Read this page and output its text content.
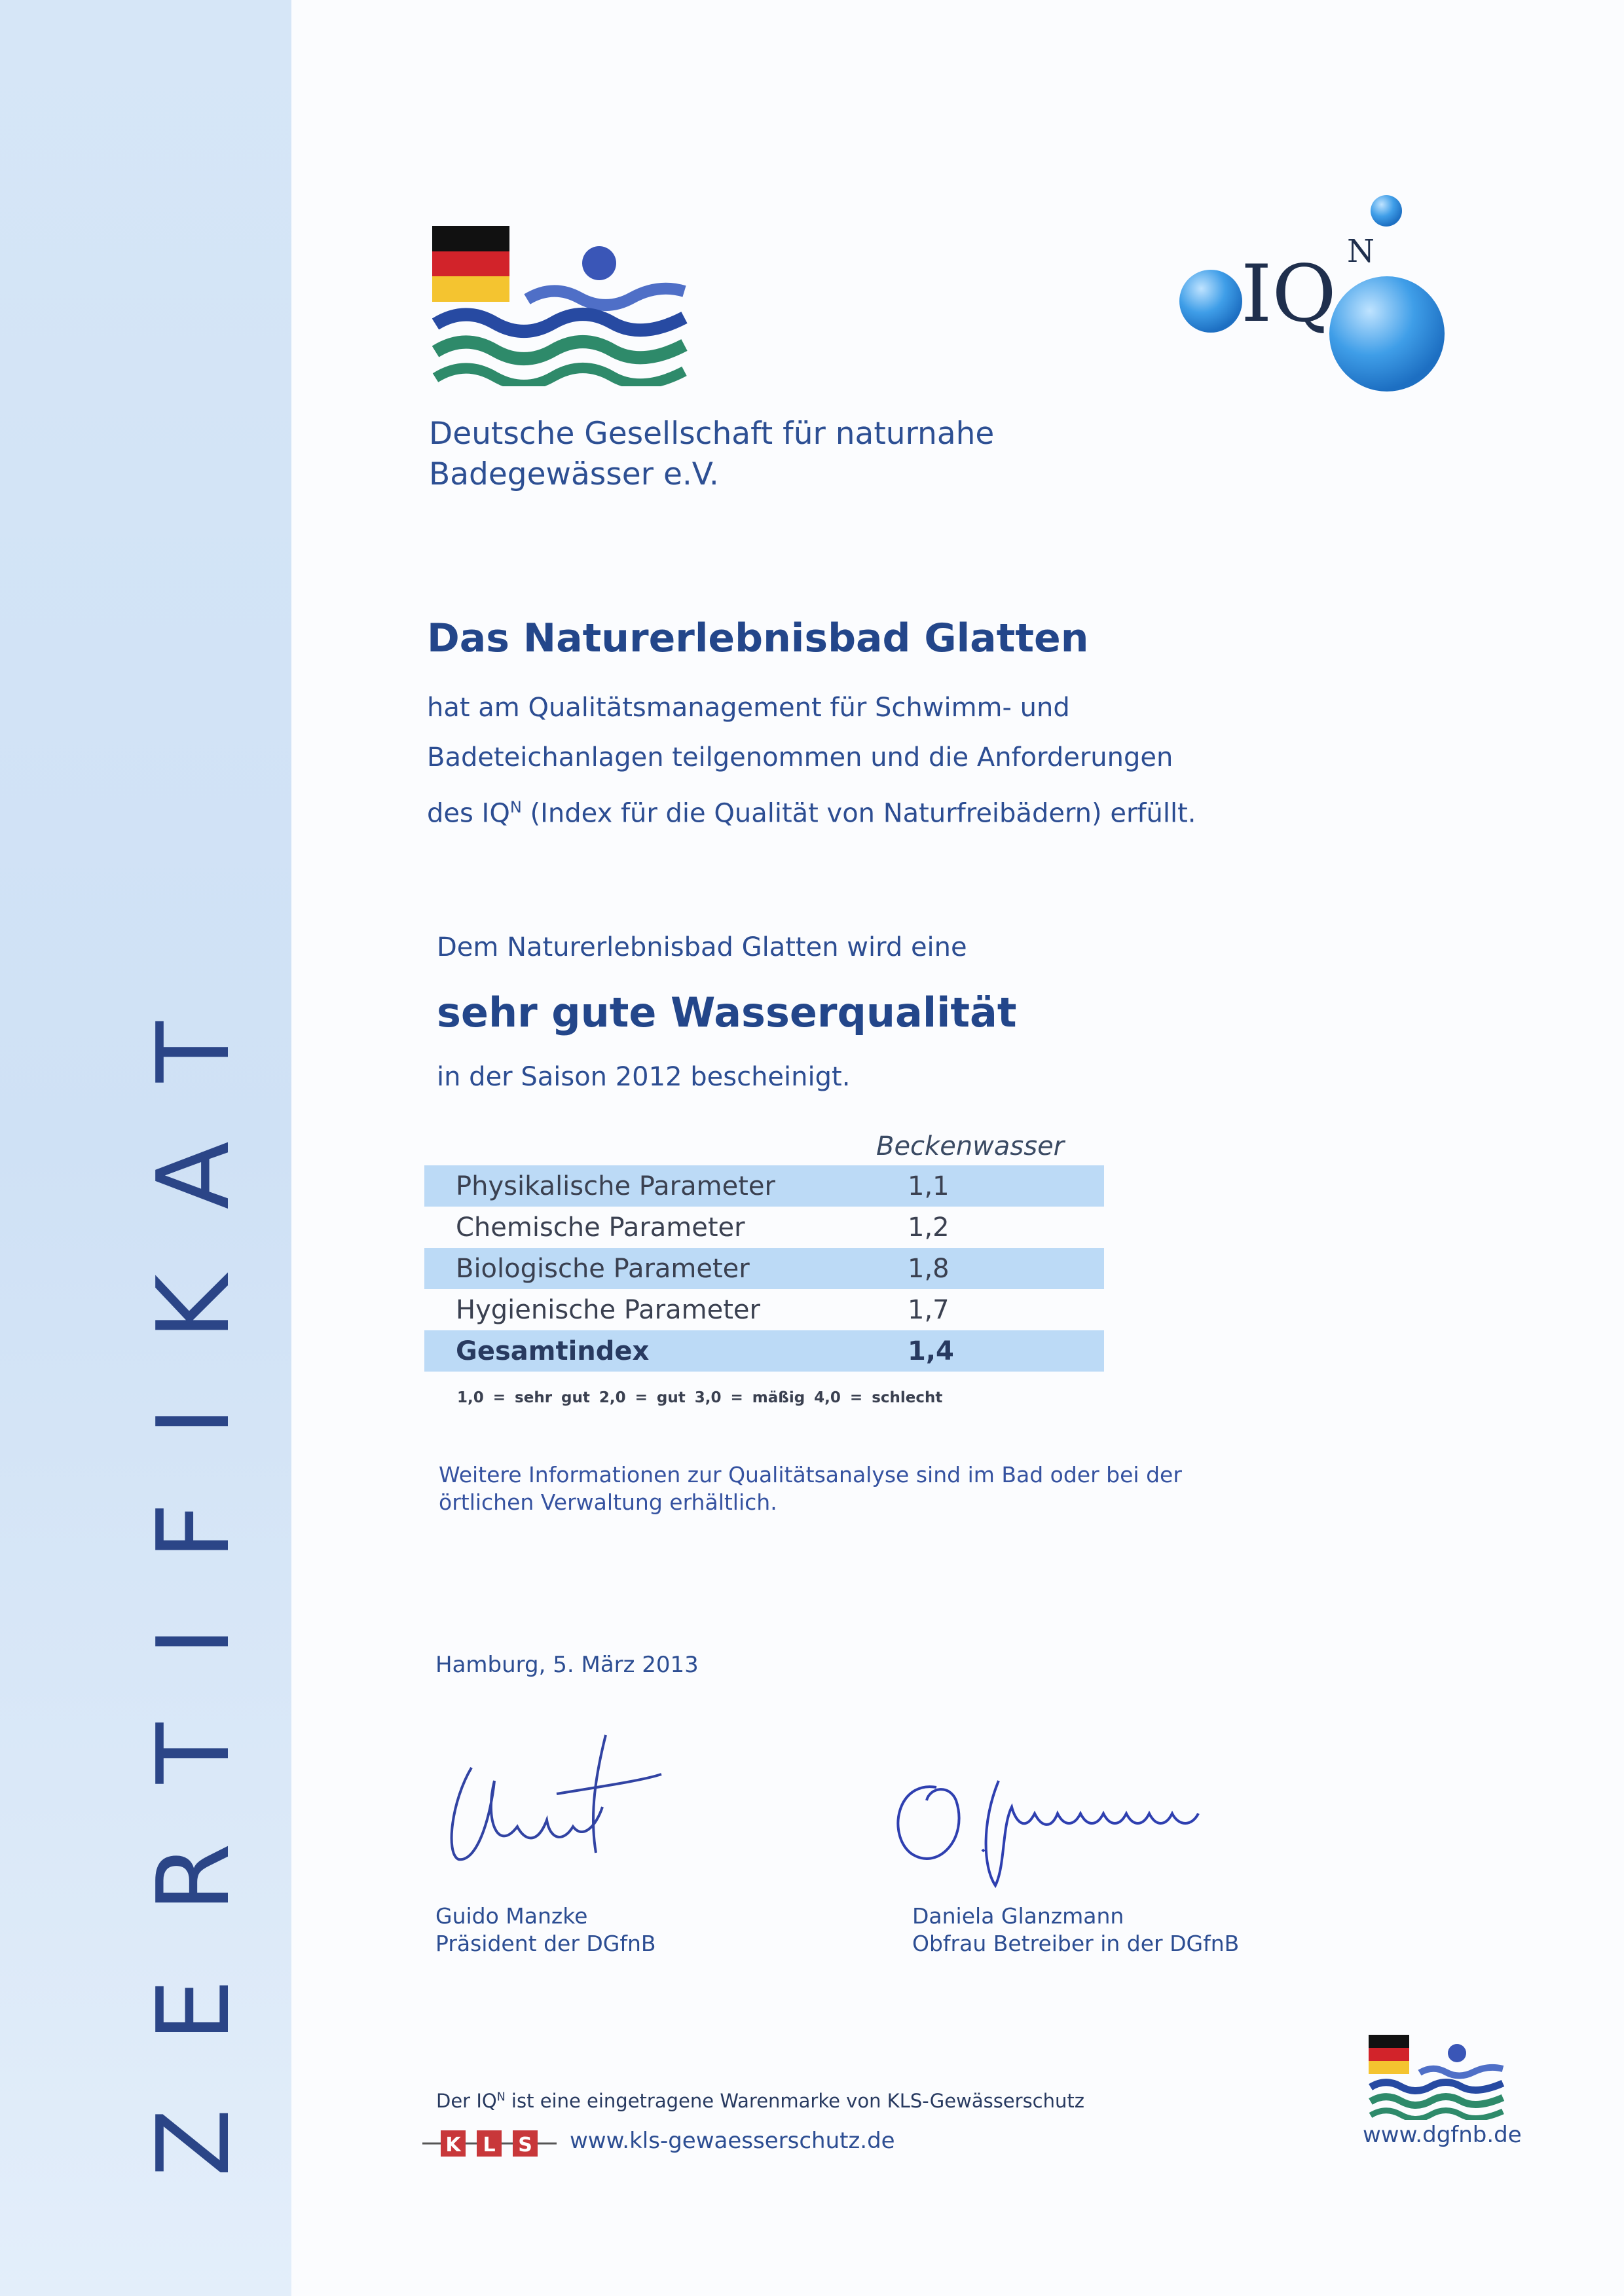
ZERTIFIKAT
Deutsche Gesellschaft für naturnahe
Badegewässer e.V.
IQ N
Das Naturerlebnisbad Glatten
hat am Qualitätsmanagement für Schwimm- und
Badeteichanlagen teilgenommen und die Anforderungen
des $IQ^N$ (Index für die Qualität von Naturfreibädern) erfüllt.
Dem Naturerlebnisbad Glatten wird eine
sehr gute Wasserqualität
in der Saison 2012 bescheinigt.
Beckenwasser
Physikalische Parameter	1,1
Chemische Parameter	1,2
Biologische Parameter	1,8
Hygienische Parameter	1,7
Gesamtindex	1,4
1,0 = sehr gut 2,0 = gut 3,0 = mäßig 4,0 = schlecht
Weitere Informationen zur Qualitätsanalyse sind im Bad oder bei der
örtlichen Verwaltung erhältlich.
Hamburg, 5. März 2013
Guido Manzke
Präsident der DGfnB
Daniela Glanzmann
Obfrau Betreiber in der DGfnB
Der $IQ^N$ ist eine eingetragene Warenmarke von KLS-Gewässerschutz
K L S www.kls-gewaesserschutz.de	www.dgfnb.de
